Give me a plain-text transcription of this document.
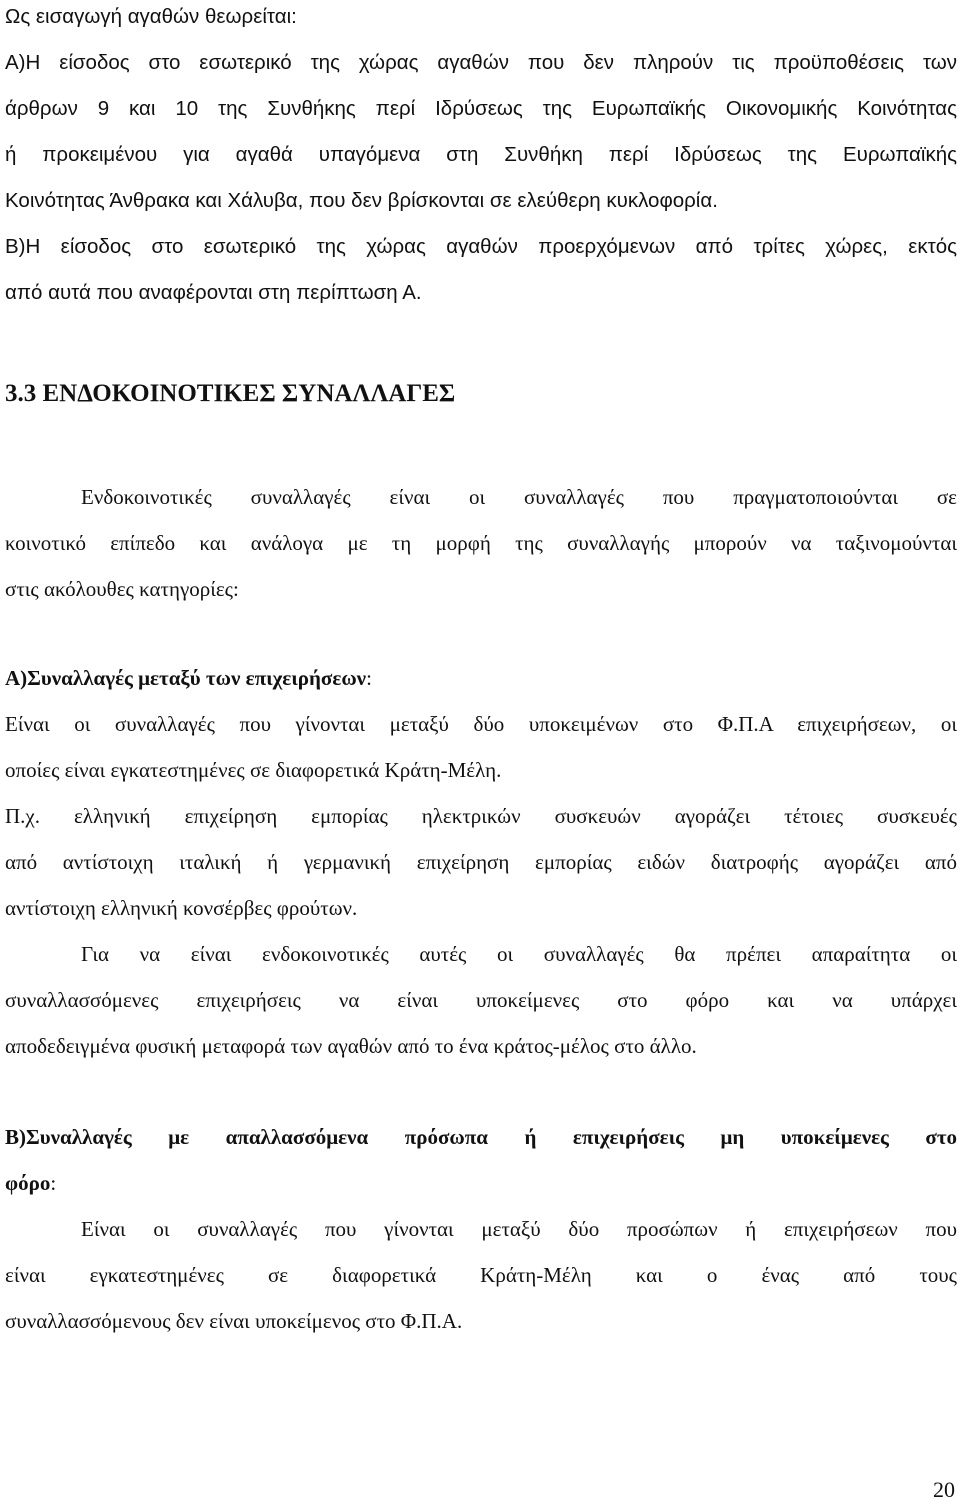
Ως εισαγωγή αγαθών θεωρείται:
Α)Η είσοδος στο εσωτερικό της χώρας αγαθών που δεν πληρούν τις προϋποθέσεις των
άρθρων 9 και 10 της Συνθήκης περί Ιδρύσεως της Ευρωπαϊκής Οικονομικής Κοινότητας
ή προκειμένου για αγαθά υπαγόμενα στη Συνθήκη περί Ιδρύσεως της Ευρωπαϊκής
Κοινότητας Άνθρακα και Χάλυβα, που δεν βρίσκονται σε ελεύθερη κυκλοφορία.
Β)Η είσοδος στο εσωτερικό της χώρας αγαθών προερχόμενων από τρίτες χώρες, εκτός
από αυτά που αναφέρονται στη περίπτωση Α.
3.3 ΕΝΔΟΚΟΙΝΟΤΙΚΕΣ ΣΥΝΑΛΛΑΓΕΣ
Ενδοκοινοτικές συναλλαγές είναι οι συναλλαγές που πραγματοποιούνται σε
κοινοτικό επίπεδο και ανάλογα με τη μορφή της συναλλαγής μπορούν να ταξινομούνται
στις ακόλουθες κατηγορίες:
Α)Συναλλαγές μεταξύ των επιχειρήσεων:
Είναι οι συναλλαγές που γίνονται μεταξύ δύο υποκειμένων στο Φ.Π.Α επιχειρήσεων, οι
οποίες είναι εγκατεστημένες σε διαφορετικά Κράτη-Μέλη.
Π.χ. ελληνική επιχείρηση εμπορίας ηλεκτρικών συσκευών αγοράζει τέτοιες συσκευές
από αντίστοιχη ιταλική ή γερμανική επιχείρηση εμπορίας ειδών διατροφής αγοράζει από
αντίστοιχη ελληνική κονσέρβες φρούτων.
Για να είναι ενδοκοινοτικές αυτές οι συναλλαγές θα πρέπει απαραίτητα οι
συναλλασσόμενες επιχειρήσεις να είναι υποκείμενες στο φόρο και να υπάρχει
αποδεδειγμένα φυσική μεταφορά των αγαθών από το ένα κράτος-μέλος στο άλλο.
Β)Συναλλαγές με απαλλασσόμενα πρόσωπα ή επιχειρήσεις μη υποκείμενες στο
φόρο:
Είναι οι συναλλαγές που γίνονται μεταξύ δύο προσώπων ή επιχειρήσεων που
είναι εγκατεστημένες σε διαφορετικά Κράτη-Μέλη και ο ένας από τους
συναλλασσόμενους δεν είναι υποκείμενος στο Φ.Π.Α.
20
